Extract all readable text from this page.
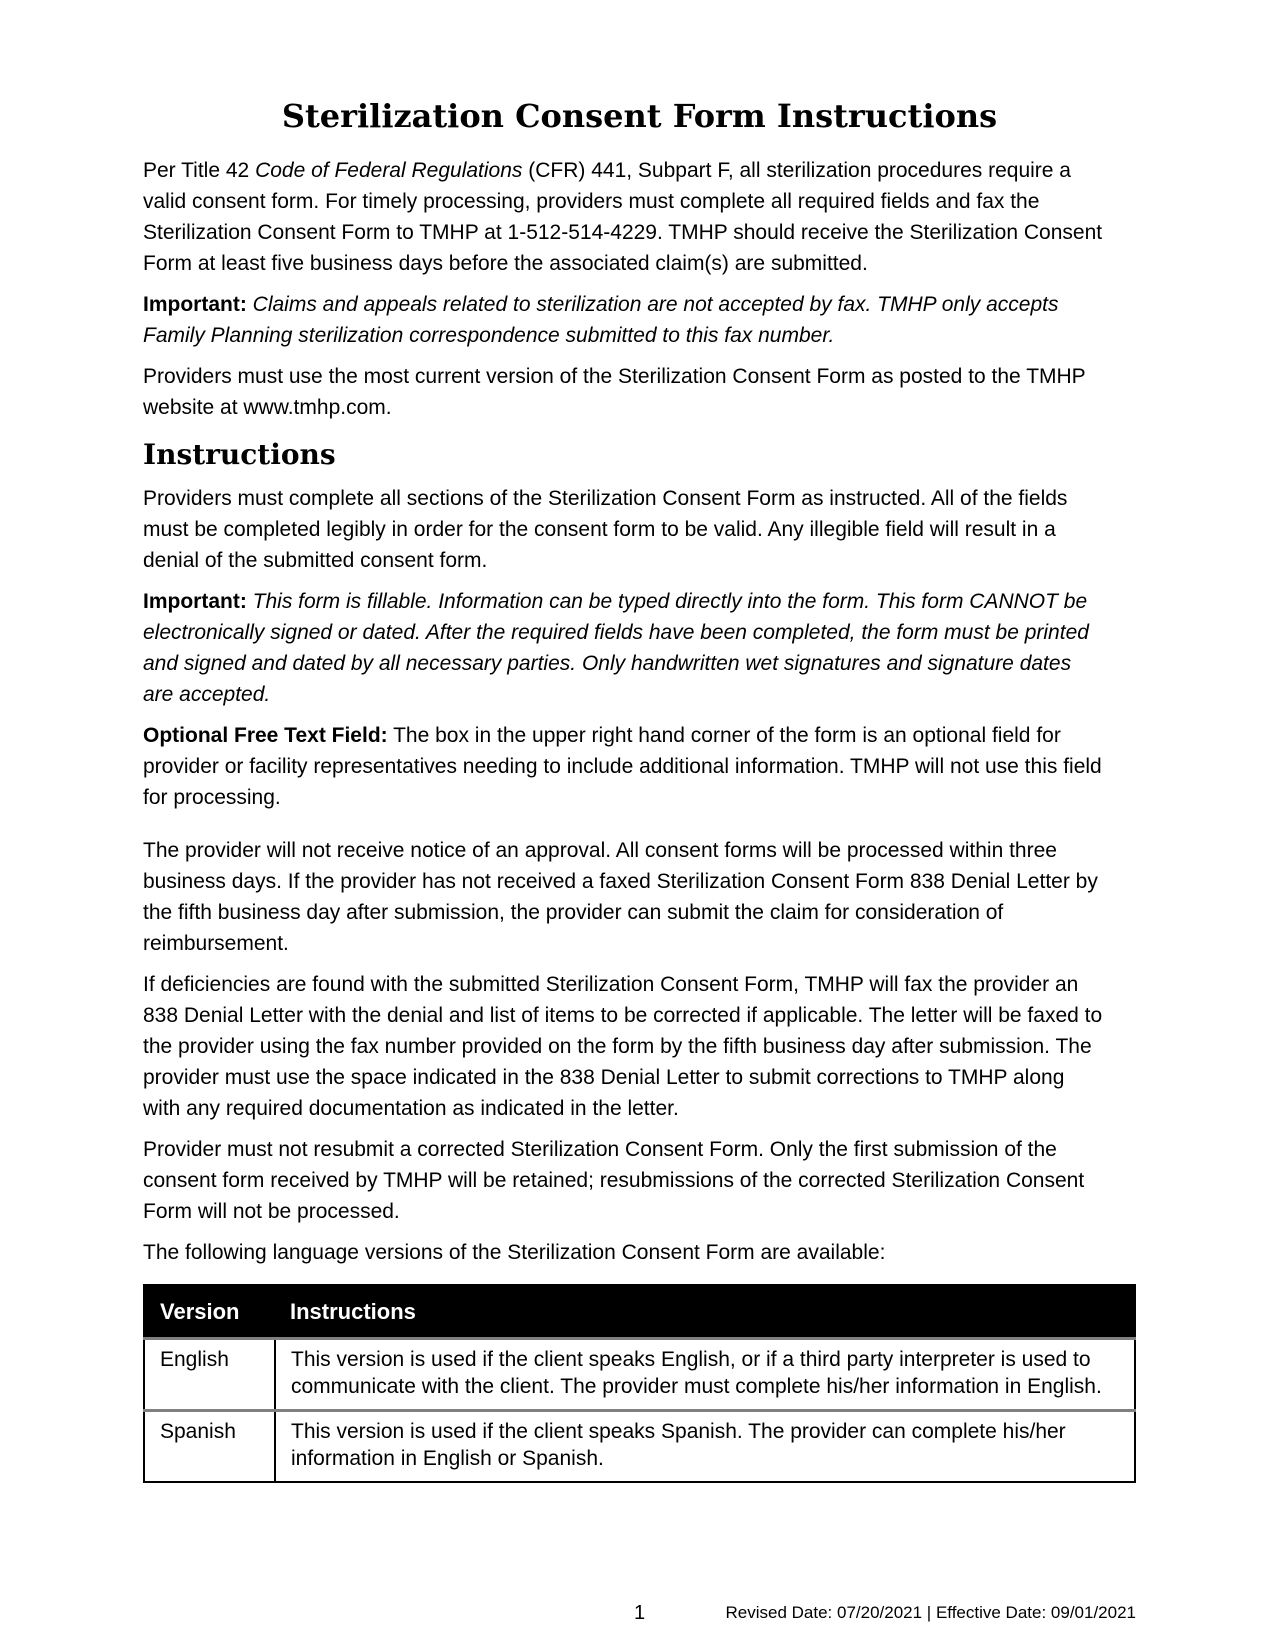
Sterilization Consent Form Instructions

Per Title 42 Code of Federal Regulations (CFR) 441, Subpart F, all sterilization procedures require a valid consent form. For timely processing, providers must complete all required fields and fax the Sterilization Consent Form to TMHP at 1-512-514-4229. TMHP should receive the Sterilization Consent Form at least five business days before the associated claim(s) are submitted.

Important: Claims and appeals related to sterilization are not accepted by fax. TMHP only accepts Family Planning sterilization correspondence submitted to this fax number.

Providers must use the most current version of the Sterilization Consent Form as posted to the TMHP website at www.tmhp.com.

Instructions

Providers must complete all sections of the Sterilization Consent Form as instructed. All of the fields must be completed legibly in order for the consent form to be valid. Any illegible field will result in a denial of the submitted consent form.

Important: This form is fillable. Information can be typed directly into the form. This form CANNOT be electronically signed or dated. After the required fields have been completed, the form must be printed and signed and dated by all necessary parties. Only handwritten wet signatures and signature dates are accepted.

Optional Free Text Field: The box in the upper right hand corner of the form is an optional field for provider or facility representatives needing to include additional information. TMHP will not use this field for processing.

The provider will not receive notice of an approval. All consent forms will be processed within three business days. If the provider has not received a faxed Sterilization Consent Form 838 Denial Letter by the fifth business day after submission, the provider can submit the claim for consideration of reimbursement.

If deficiencies are found with the submitted Sterilization Consent Form, TMHP will fax the provider an 838 Denial Letter with the denial and list of items to be corrected if applicable. The letter will be faxed to the provider using the fax number provided on the form by the fifth business day after submission. The provider must use the space indicated in the 838 Denial Letter to submit corrections to TMHP along with any required documentation as indicated in the letter.

Provider must not resubmit a corrected Sterilization Consent Form. Only the first submission of the consent form received by TMHP will be retained; resubmissions of the corrected Sterilization Consent Form will not be processed.

The following language versions of the Sterilization Consent Form are available:

Version	Instructions
English	This version is used if the client speaks English, or if a third party interpreter is used to communicate with the client. The provider must complete his/her information in English.
Spanish	This version is used if the client speaks Spanish. The provider can complete his/her information in English or Spanish.
1	Revised Date: 07/20/2021 | Effective Date: 09/01/2021
